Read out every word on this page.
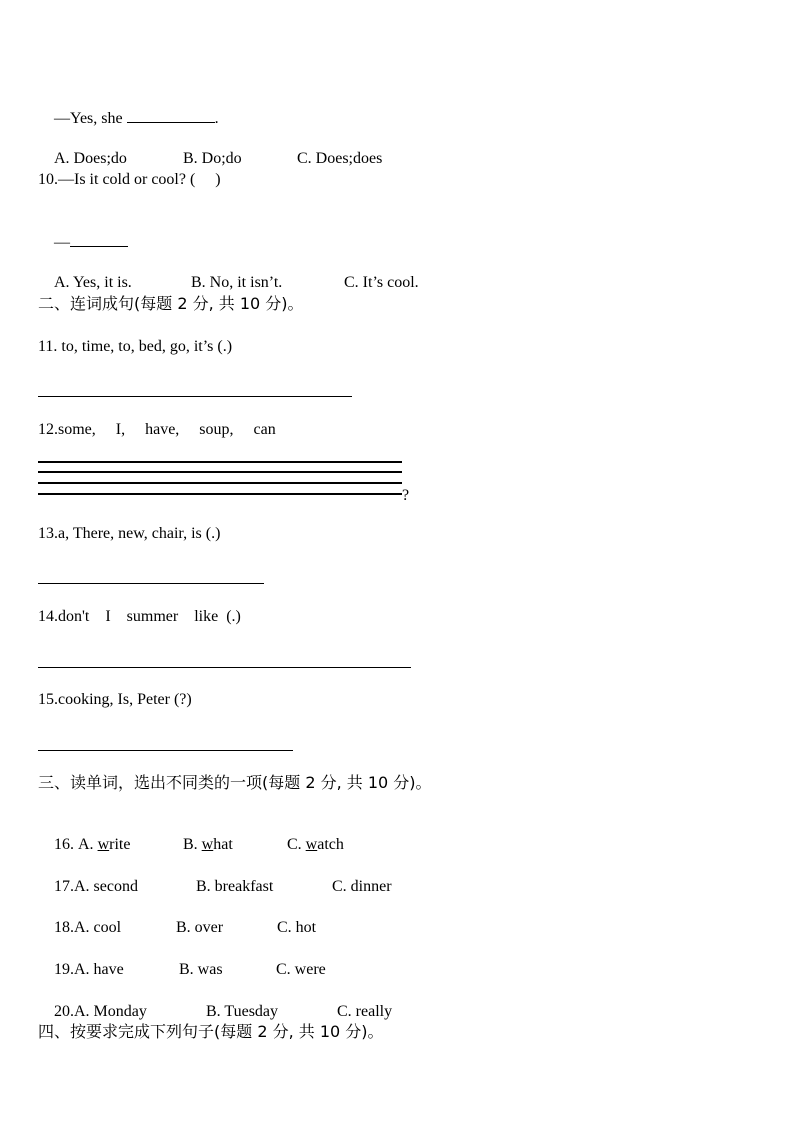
—Yes, she	.

A. Does;do	B. Do;do	C. Does;does

10.—Is it cold or cool? (     )

—

A. Yes, it is.	B. No, it isn’t.	C. It’s cool.

二、连词成句(每题 2 分, 共 10 分)。
11. to, time, to, bed, go, it’s (.)
12.some,     I,     have,     soup,     can
?
13.a, There, new, chair, is (.)
14.don't    I    summer    like  (.)
15.cooking, Is, Peter (?)
三、读单词，选出不同类的一项(每题 2 分, 共 10 分)。

16. A. write	B. what	C. watch

17.A. second	B. breakfast	C. dinner

18.A. cool	B. over	C. hot

19.A. have	B. was	C. were

20.A. Monday	B. Tuesday	C. really

四、按要求完成下列句子(每题 2 分, 共 10 分)。
